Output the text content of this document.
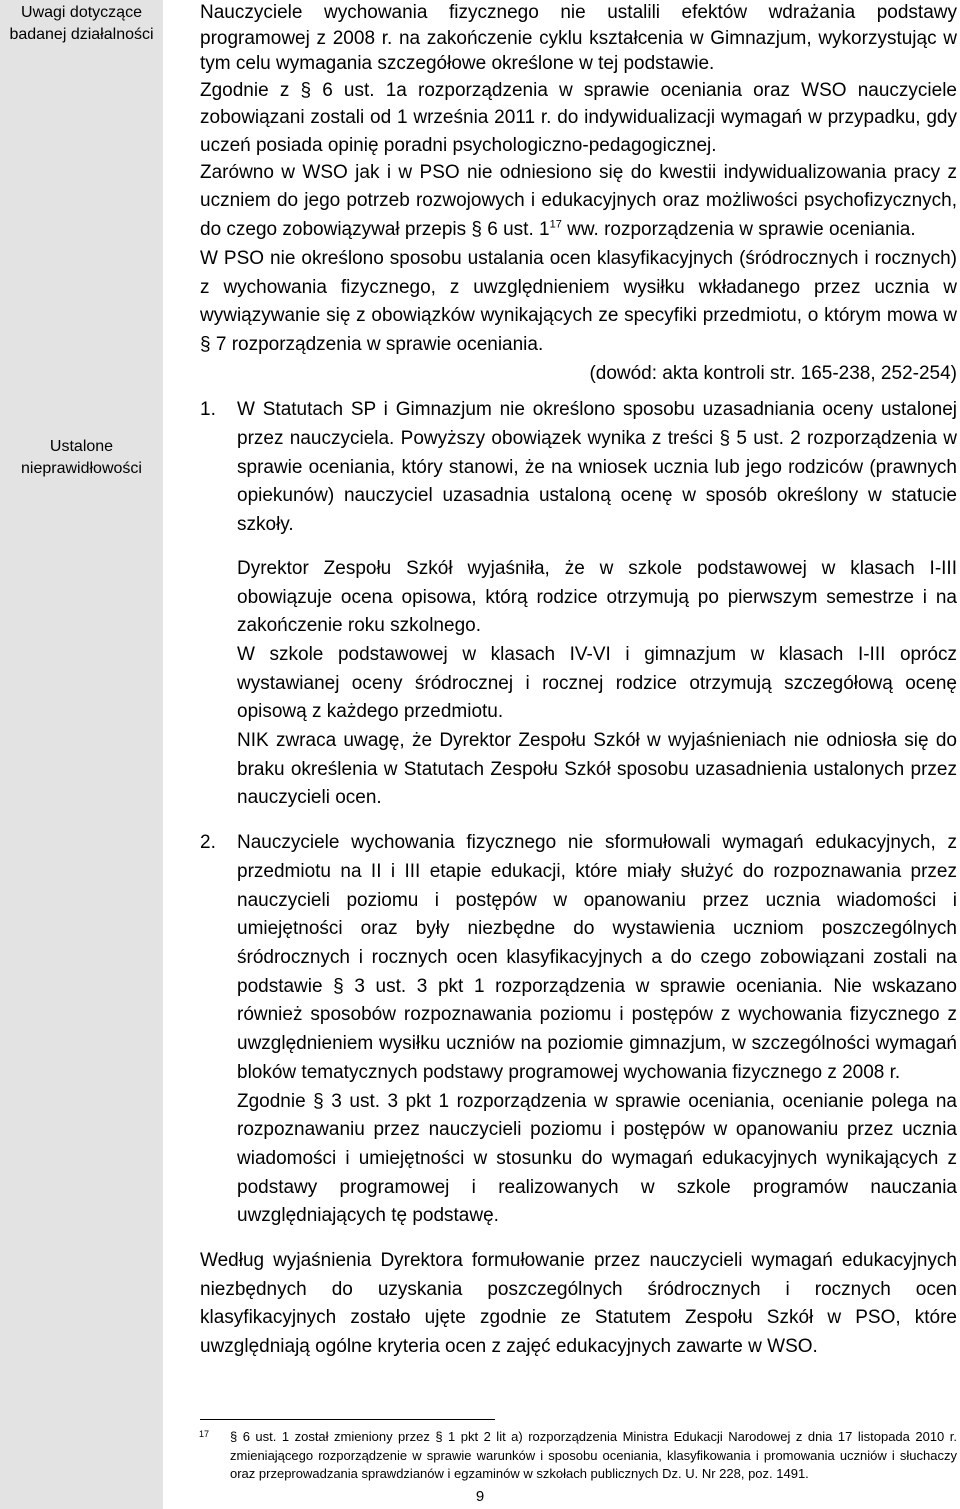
Uwagi dotyczące badanej działalności
Ustalone nieprawidłowości

Nauczyciele wychowania fizycznego nie ustalili efektów wdrażania podstawy programowej z 2008 r. na zakończenie cyklu kształcenia w Gimnazjum, wykorzystując w tym celu wymagania szczegółowe określone w tej podstawie.

Zgodnie z § 6 ust. 1a rozporządzenia w sprawie oceniania oraz WSO nauczyciele zobowiązani zostali od 1 września 2011 r. do indywidualizacji wymagań w przypadku, gdy uczeń posiada opinię poradni psychologiczno-pedagogicznej.

Zarówno w WSO jak i w PSO nie odniesiono się do kwestii indywidualizowania pracy z uczniem do jego potrzeb rozwojowych i edukacyjnych oraz możliwości psychofizycznych, do czego zobowiązywał przepis § 6 ust. $1^{17}$ ww. rozporządzenia w sprawie oceniania.

W PSO nie określono sposobu ustalania ocen klasyfikacyjnych (śródrocznych i rocznych) z wychowania fizycznego, z uwzględnieniem wysiłku wkładanego przez ucznia w wywiązywanie się z obowiązków wynikających ze specyfiki przedmiotu, o którym mowa w § 7 rozporządzenia w sprawie oceniania.

(dowód: akta kontroli str. 165-238, 252-254)

1. W Statutach SP i Gimnazjum nie określono sposobu uzasadniania oceny ustalonej przez nauczyciela. Powyższy obowiązek wynika z treści § 5 ust. 2 rozporządzenia w sprawie oceniania, który stanowi, że na wniosek ucznia lub jego rodziców (prawnych opiekunów) nauczyciel uzasadnia ustaloną ocenę w sposób określony w statucie szkoły.

Dyrektor Zespołu Szkół wyjaśniła, że w szkole podstawowej w klasach I-III obowiązuje ocena opisowa, którą rodzice otrzymują po pierwszym semestrze i na zakończenie roku szkolnego.

W szkole podstawowej w klasach IV-VI i gimnazjum w klasach I-III oprócz wystawianej oceny śródrocznej i rocznej rodzice otrzymują szczegółową ocenę opisową z każdego przedmiotu.

NIK zwraca uwagę, że Dyrektor Zespołu Szkół w wyjaśnieniach nie odniosła się do braku określenia w Statutach Zespołu Szkół sposobu uzasadnienia ustalonych przez nauczycieli ocen.

2. Nauczyciele wychowania fizycznego nie sformułowali wymagań edukacyjnych, z przedmiotu na II i III etapie edukacji, które miały służyć do rozpoznawania przez nauczycieli poziomu i postępów w opanowaniu przez ucznia wiadomości i umiejętności oraz były niezbędne do wystawienia uczniom poszczególnych śródrocznych i rocznych ocen klasyfikacyjnych a do czego zobowiązani zostali na podstawie § 3 ust. 3 pkt 1 rozporządzenia w sprawie oceniania. Nie wskazano również sposobów rozpoznawania poziomu i postępów z wychowania fizycznego z uwzględnieniem wysiłku uczniów na poziomie gimnazjum, w szczególności wymagań bloków tematycznych podstawy programowej wychowania fizycznego z 2008 r.

Zgodnie § 3 ust. 3 pkt 1 rozporządzenia w sprawie oceniania, ocenianie polega na rozpoznawaniu przez nauczycieli poziomu i postępów w opanowaniu przez ucznia wiadomości i umiejętności w stosunku do wymagań edukacyjnych wynikających z podstawy programowej i realizowanych w szkole programów nauczania uwzględniających tę podstawę.

Według wyjaśnienia Dyrektora formułowanie przez nauczycieli wymagań edukacyjnych niezbędnych do uzyskania poszczególnych śródrocznych i rocznych ocen klasyfikacyjnych zostało ujęte zgodnie ze Statutem Zespołu Szkół w PSO, które uwzględniają ogólne kryteria ocen z zajęć edukacyjnych zawarte w WSO.

17	§ 6 ust. 1 został zmieniony przez § 1 pkt 2 lit a) rozporządzenia Ministra Edukacji Narodowej z dnia 17 listopada 2010 r. zmieniającego rozporządzenie w sprawie warunków i sposobu oceniania, klasyfikowania i promowania uczniów i słuchaczy oraz przeprowadzania sprawdzianów i egzaminów w szkołach publicznych Dz. U. Nr 228, poz. 1491.

9
